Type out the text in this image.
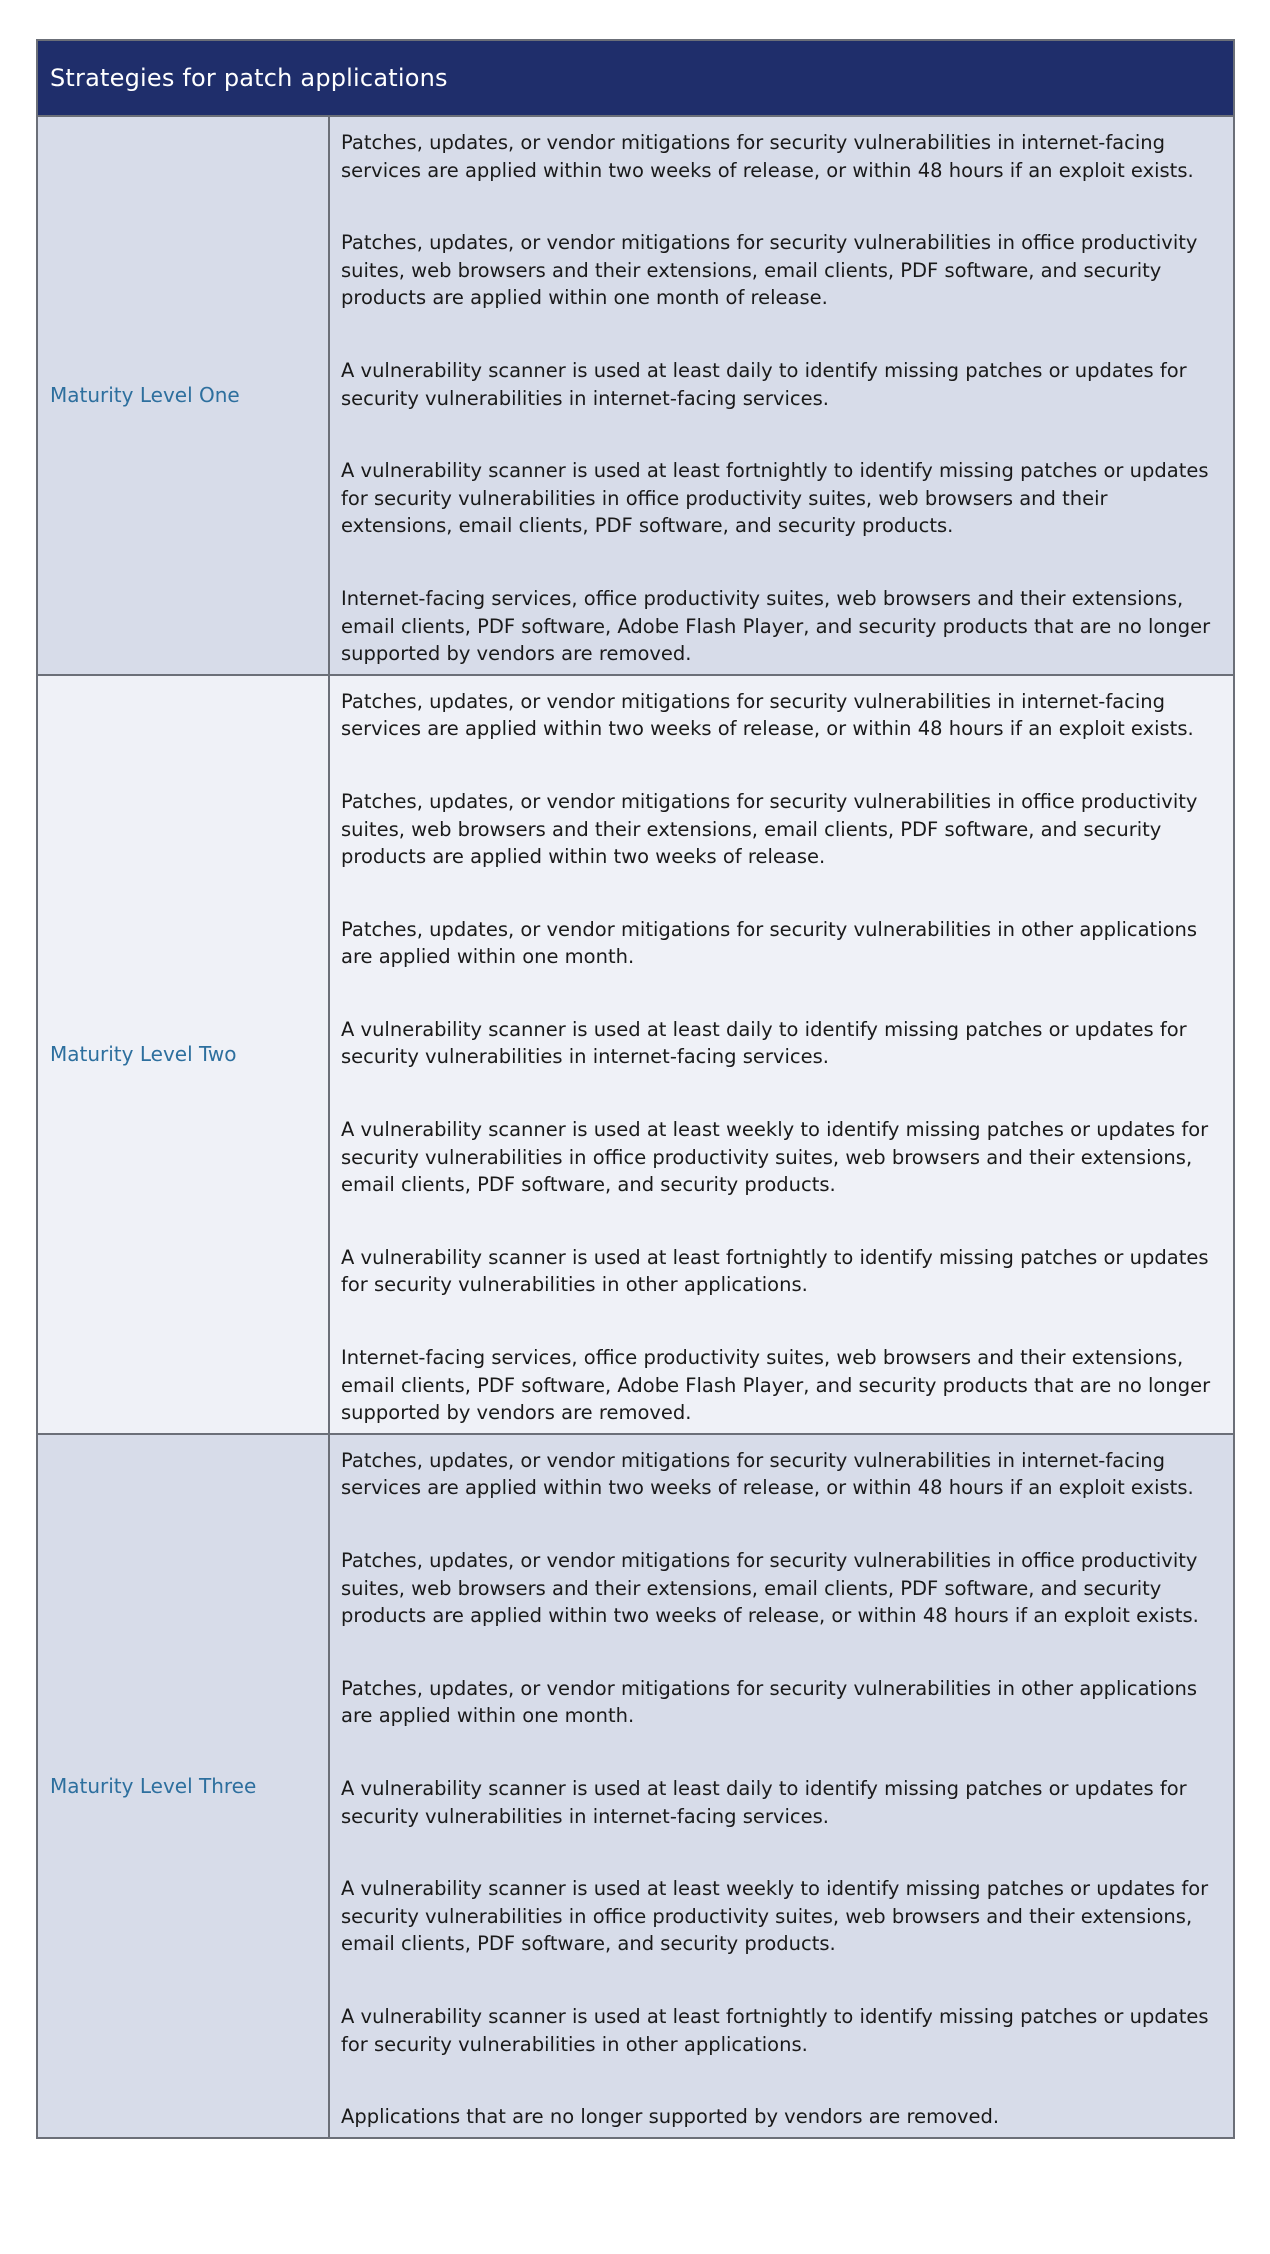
Strategies for patch applications
Maturity Level One

Patches, updates, or vendor mitigations for security vulnerabilities in internet-facing services are applied within two weeks of release, or within 48 hours if an exploit exists.

Patches, updates, or vendor mitigations for security vulnerabilities in office productivity suites, web browsers and their extensions, email clients, PDF software, and security products are applied within one month of release.

A vulnerability scanner is used at least daily to identify missing patches or updates for security vulnerabilities in internet-facing services.

A vulnerability scanner is used at least fortnightly to identify missing patches or updates for security vulnerabilities in office productivity suites, web browsers and their extensions, email clients, PDF software, and security products.

Internet-facing services, office productivity suites, web browsers and their extensions, email clients, PDF software, Adobe Flash Player, and security products that are no longer supported by vendors are removed.

Maturity Level Two

Patches, updates, or vendor mitigations for security vulnerabilities in internet-facing services are applied within two weeks of release, or within 48 hours if an exploit exists.

Patches, updates, or vendor mitigations for security vulnerabilities in office productivity suites, web browsers and their extensions, email clients, PDF software, and security products are applied within two weeks of release.

Patches, updates, or vendor mitigations for security vulnerabilities in other applications are applied within one month.

A vulnerability scanner is used at least daily to identify missing patches or updates for security vulnerabilities in internet-facing services.

A vulnerability scanner is used at least weekly to identify missing patches or updates for security vulnerabilities in office productivity suites, web browsers and their extensions, email clients, PDF software, and security products.

A vulnerability scanner is used at least fortnightly to identify missing patches or updates for security vulnerabilities in other applications.

Internet-facing services, office productivity suites, web browsers and their extensions, email clients, PDF software, Adobe Flash Player, and security products that are no longer supported by vendors are removed.

Maturity Level Three

Patches, updates, or vendor mitigations for security vulnerabilities in internet-facing services are applied within two weeks of release, or within 48 hours if an exploit exists.

Patches, updates, or vendor mitigations for security vulnerabilities in office productivity suites, web browsers and their extensions, email clients, PDF software, and security products are applied within two weeks of release, or within 48 hours if an exploit exists.

Patches, updates, or vendor mitigations for security vulnerabilities in other applications are applied within one month.

A vulnerability scanner is used at least daily to identify missing patches or updates for security vulnerabilities in internet-facing services.

A vulnerability scanner is used at least weekly to identify missing patches or updates for security vulnerabilities in office productivity suites, web browsers and their extensions, email clients, PDF software, and security products.

A vulnerability scanner is used at least fortnightly to identify missing patches or updates for security vulnerabilities in other applications.

Applications that are no longer supported by vendors are removed.
